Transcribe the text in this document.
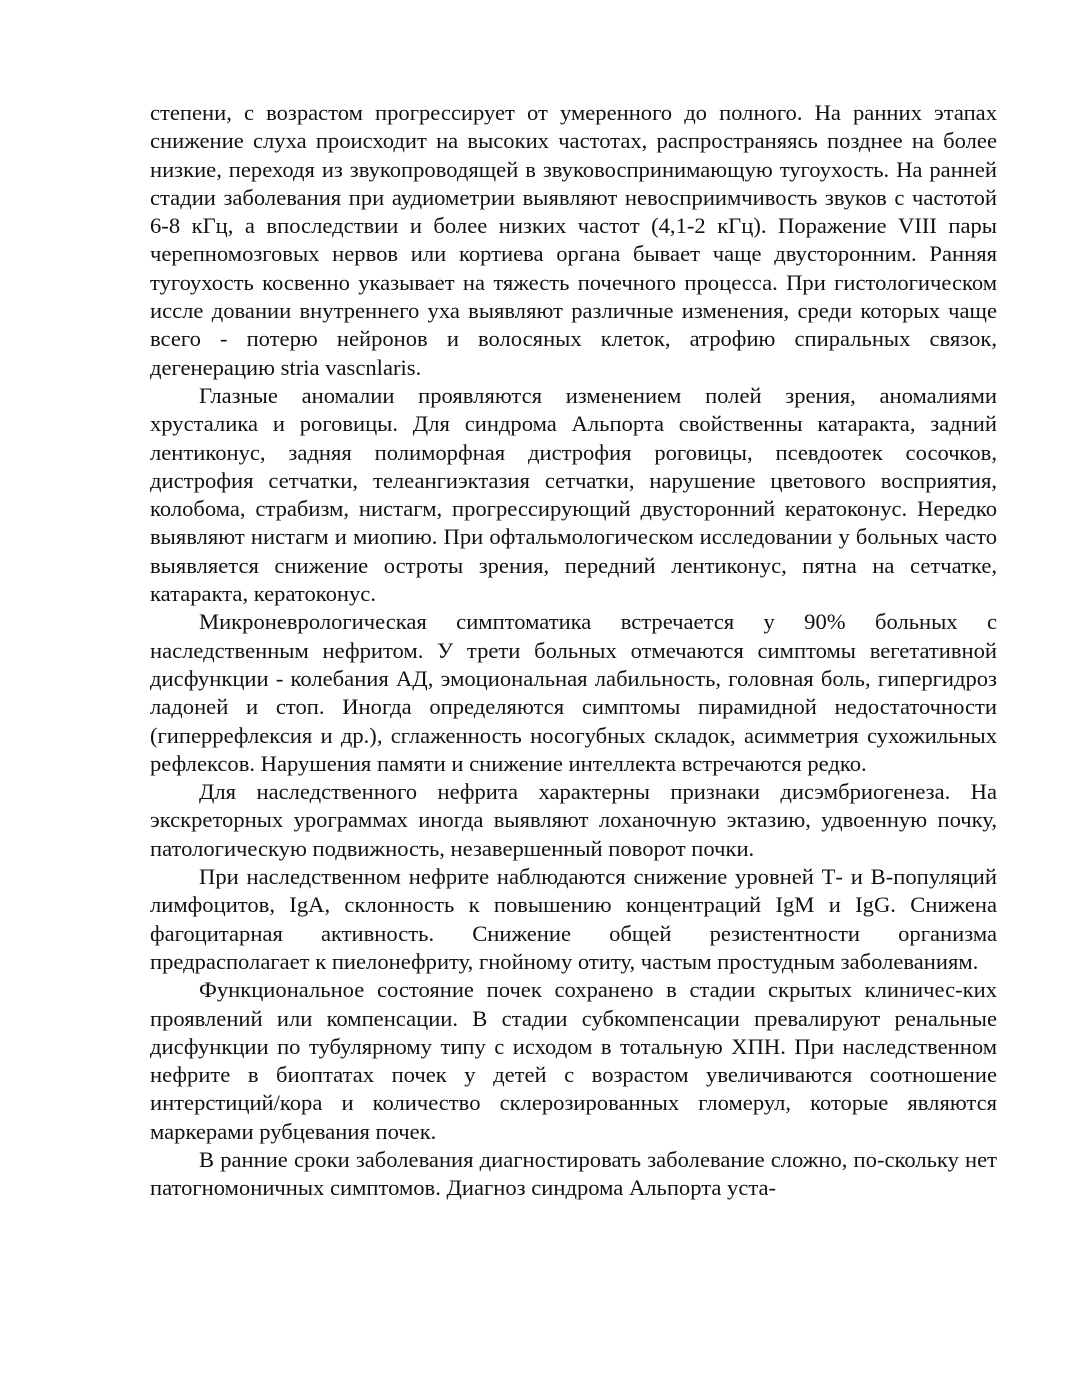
степени, с возрастом прогрессирует от умеренного до полного. На ранних этапах снижение слуха происходит на высоких частотах, распространяясь позднее на более низкие, переходя из звукопроводящей в звуковоспринимающую тугоухость. На ранней стадии заболевания при аудиометрии выявляют невосприимчивость звуков с частотой 6-8 кГц, а впоследствии и более низких частот (4,1-2 кГц). Поражение VIII пары черепномозговых нервов или кортиева органа бывает чаще двусторонним. Ранняя тугоухость косвенно указывает на тяжесть почечного процесса. При гистологическом иссле довании внутреннего уха выявляют различные изменения, среди которых чаще всего - потерю нейронов и волосяных клеток, атрофию спиральных связок, дегенерацию stria vascnlaris.

Глазные аномалии проявляются изменением полей зрения, аномалиями хрусталика и роговицы. Для синдрома Альпорта свойственны катаракта, задний лентиконус, задняя полиморфная дистрофия роговицы, псевдоотек сосочков, дистрофия сетчатки, телеангиэктазия сетчатки, нарушение цветового восприятия, колобома, страбизм, нистагм, прогрессирующий двусторонний кератоконус. Нередко выявляют нистагм и миопию. При офтальмологическом исследовании у больных часто выявляется снижение остроты зрения, передний лентиконус, пятна на сетчатке, катаракта, кератоконус.

Микроневрологическая симптоматика встречается у 90% больных с наследственным нефритом. У трети больных отмечаются симптомы вегетативной дисфункции - колебания АД, эмоциональная лабильность, головная боль, гипергидроз ладоней и стоп. Иногда определяются симптомы пирамидной недостаточности (гиперрефлексия и др.), сглаженность носогубных складок, асимметрия сухожильных рефлексов. Нарушения памяти и снижение интеллекта встречаются редко.

Для наследственного нефрита характерны признаки дисэмбриогенеза. На экскреторных урограммах иногда выявляют лоханочную эктазию, удвоенную почку, патологическую подвижность, незавершенный поворот почки.

При наследственном нефрите наблюдаются снижение уровней Т- и В-популяций лимфоцитов, IgA, склонность к повышению концентраций IgM и IgG. Снижена фагоцитарная активность. Снижение общей резистентности организма предрасполагает к пиелонефриту, гнойному отиту, частым простудным заболеваниям.

Функциональное состояние почек сохранено в стадии скрытых клиничес-ких проявлений или компенсации. В стадии субкомпенсации превалируют ренальные дисфункции по тубулярному типу с исходом в тотальную ХПН. При наследственном нефрите в биоптатах почек у детей с возрастом увеличиваются соотношение интерстиций/кора и количество склерозированных гломерул, которые являются маркерами рубцевания почек.

В ранние сроки заболевания диагностировать заболевание сложно, по-скольку нет патогномоничных симптомов. Диагноз синдрома Альпорта уста-
